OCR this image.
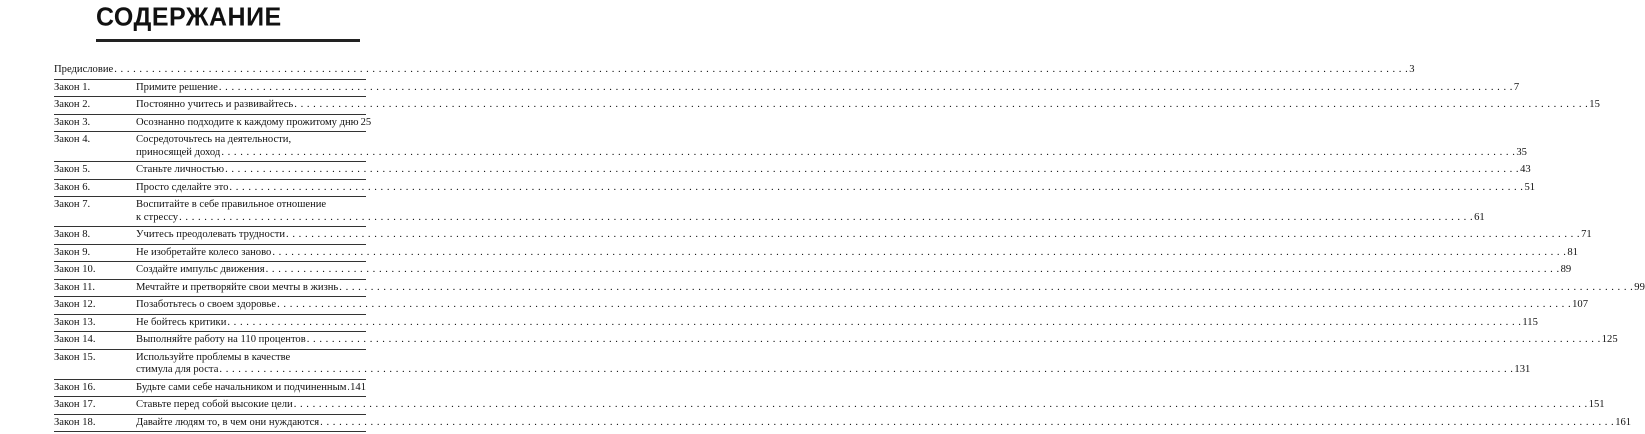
СОДЕРЖАНИЕ
Предисловие . . .	3
Закон 1.	Примите решение . . .	7
Закон 2.	Постоянно учитесь и развивайтесь . . .	15
Закон 3.	Осознанно подходите к каждому прожитому дню 25
Закон 4.	Сосредоточьтесь на деятельности,
приносящей доход . . .	35
Закон 5.	Станьте личностью . . .	43
Закон 6.	Просто сделайте это . . .	51
Закон 7.	Воспитайте в себе правильное отношение
к стрессу . . .	61
Закон 8.	Учитесь преодолевать трудности . . .	71
Закон 9.	Не изобретайте колесо заново . . .	81
Закон 10.	Создайте импульс движения . . .	89
Закон 11.	Мечтайте и претворяйте свои мечты в жизнь . . .	99
Закон 12.	Позаботьтесь о своем здоровье . . .	107
Закон 13.	Не бойтесь критики . . .	115
Закон 14.	Выполняйте работу на 110 процентов . . .	125
Закон 15.	Используйте проблемы в качестве
стимула для роста . . .	131
Закон 16.	Будьте сами себе начальником и подчиненным . . . 141
Закон 17.	Ставьте перед собой высокие цели . . .	151
Закон 18.	Давайте людям то, в чем они нуждаются . . .	161
